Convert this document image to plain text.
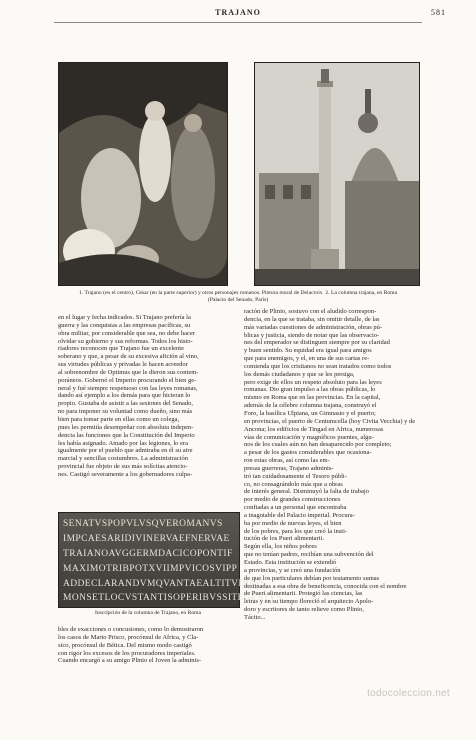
TRAJANO	581
1. Trajano (en el centro), César (en la parte superior) y otros personajes romanos. Pintura mural de Delacroix 2. La columna trajana, en Roma
(Palacio del Senado, París)
en el lugar y fecha indicados. Si Trajano prefería la
guerra y las conquistas a las empresas pacíficas, su
obra militar, por considerable que sea, no debe hacer
olvidar su gobierno y sus reformas. Todos los histo-
riadores reconocen que Trajano fue un excelente
soberano y que, a pesar de su excesiva afición al vino,
sus virtudes públicas y privadas le hacen acreedor
al sobrenombre de Optimus que le dieron sus contem-
poráneos. Gobernó el Imperio procurando el bien ge-
neral y fué siempre respetuoso con las leyes romanas,
dando así ejemplo a los demás para que hicieran lo
propio. Gustaba de asistir a las sesiones del Senado,
no para imponer su voluntad como dueño, sino más
bien para tomar parte en ellas como un colega,
pues les permitía desempeñar con absoluta indepen-
dencia las funciones que la Constitución del Imperio
les había asignado. Amado por las legiones, lo era
igualmente por el pueblo que admiraba en él su aire
marcial y sencillas costumbres. La administración
provincial fue objeto de sus más solícitas atencio-
nes. Castigó severamente a los gobernadores culpa-
SENATVSPOPVLVSQVEROMANVS
IMPCAESARIDIVINERVAEFNERVAE
TRAIANOAVGGERMDACICOPONTIF
MAXIMOTRIBPOTXVIIMPVICOSVIPP
ADDECLARANDVMQVANTAEALTITVDINIS
MONSETLOCVSTANTISOPERIBVSSITEGESTVS
Inscripción de la columna de Trajano, en Roma
bles de exacciones o concusiones, como lo demostraron
los casos de Mario Prisco, procónsul de Africa, y Cla-
sico, procónsul de Bética. Del mismo modo castigó
con rigor los excesos de los procuradores imperiales.
Cuando encargó a su amigo Plinio el Joven la adminis-
ración de Plinio, sostuvo con el aludido correspon-
dencia, en la que se trataba, sin omitir detalle, de las
más variadas cuestiones de administración, obras pú-
blicas y justicia, siendo de notar que las observacio-
nes del emperador se distinguen siempre por su claridad
y buen sentido. Su equidad era igual para amigos
que para enemigos, y el, en una de sus cartas re-
comienda que los cristianos no sean tratados como todos
los demás ciudadanos y que se les persiga,
pero exige de ellos un respeto absoluto para las leyes
romanas. Dio gran impulso a las obras públicas, lo
mismo en Roma que en las provincias. En la capital,
además de la célebre columna trajana, construyó el
Foro, la basílica Ulpiana, un Gimnasio y el puerto;
en provincias, el puerto de Centumcella (hoy Civita Vecchia) y de
Ancona; los edificios de Tingad en Africa, numerosas
vías de comunicación y magníficos puentes, algu-
nos de los cuales aún no han desaparecido por completo;
a pesar de los gastos considerables que ocasiona-
ron estas obras, así como las em-
presas guerreras, Trajano adminis-
tró tan cuidadosamente el Tesoro públi-
co, no consagrándolo más que a obras
de interés general. Disminuyó la falta de trabajo
por medio de grandes construcciones
confiadas a un personal que encontraba
a inagotable del Palacio imperial. Procura-
ba por medio de nuevas leyes, el bien
de los pobres, para los que creó la insti-
tución de los Pueri alimentarii.
Según ella, los niños pobres
que no tenían padres, recibían una subvención del
Estado. Esta institución se extendió
a provincias, y se creó una fundación
de que los particulares debían por testamento sumas
destinadas a esa obra de beneficencia, conocida con el nombre
de Pueri alimentarii. Protegió las ciencias, las
letras y en su tiempo floreció el arquitecto Apolo-
doro y escritores de tanto relieve como Plinio,
Tácito...
todocoleccion.net
